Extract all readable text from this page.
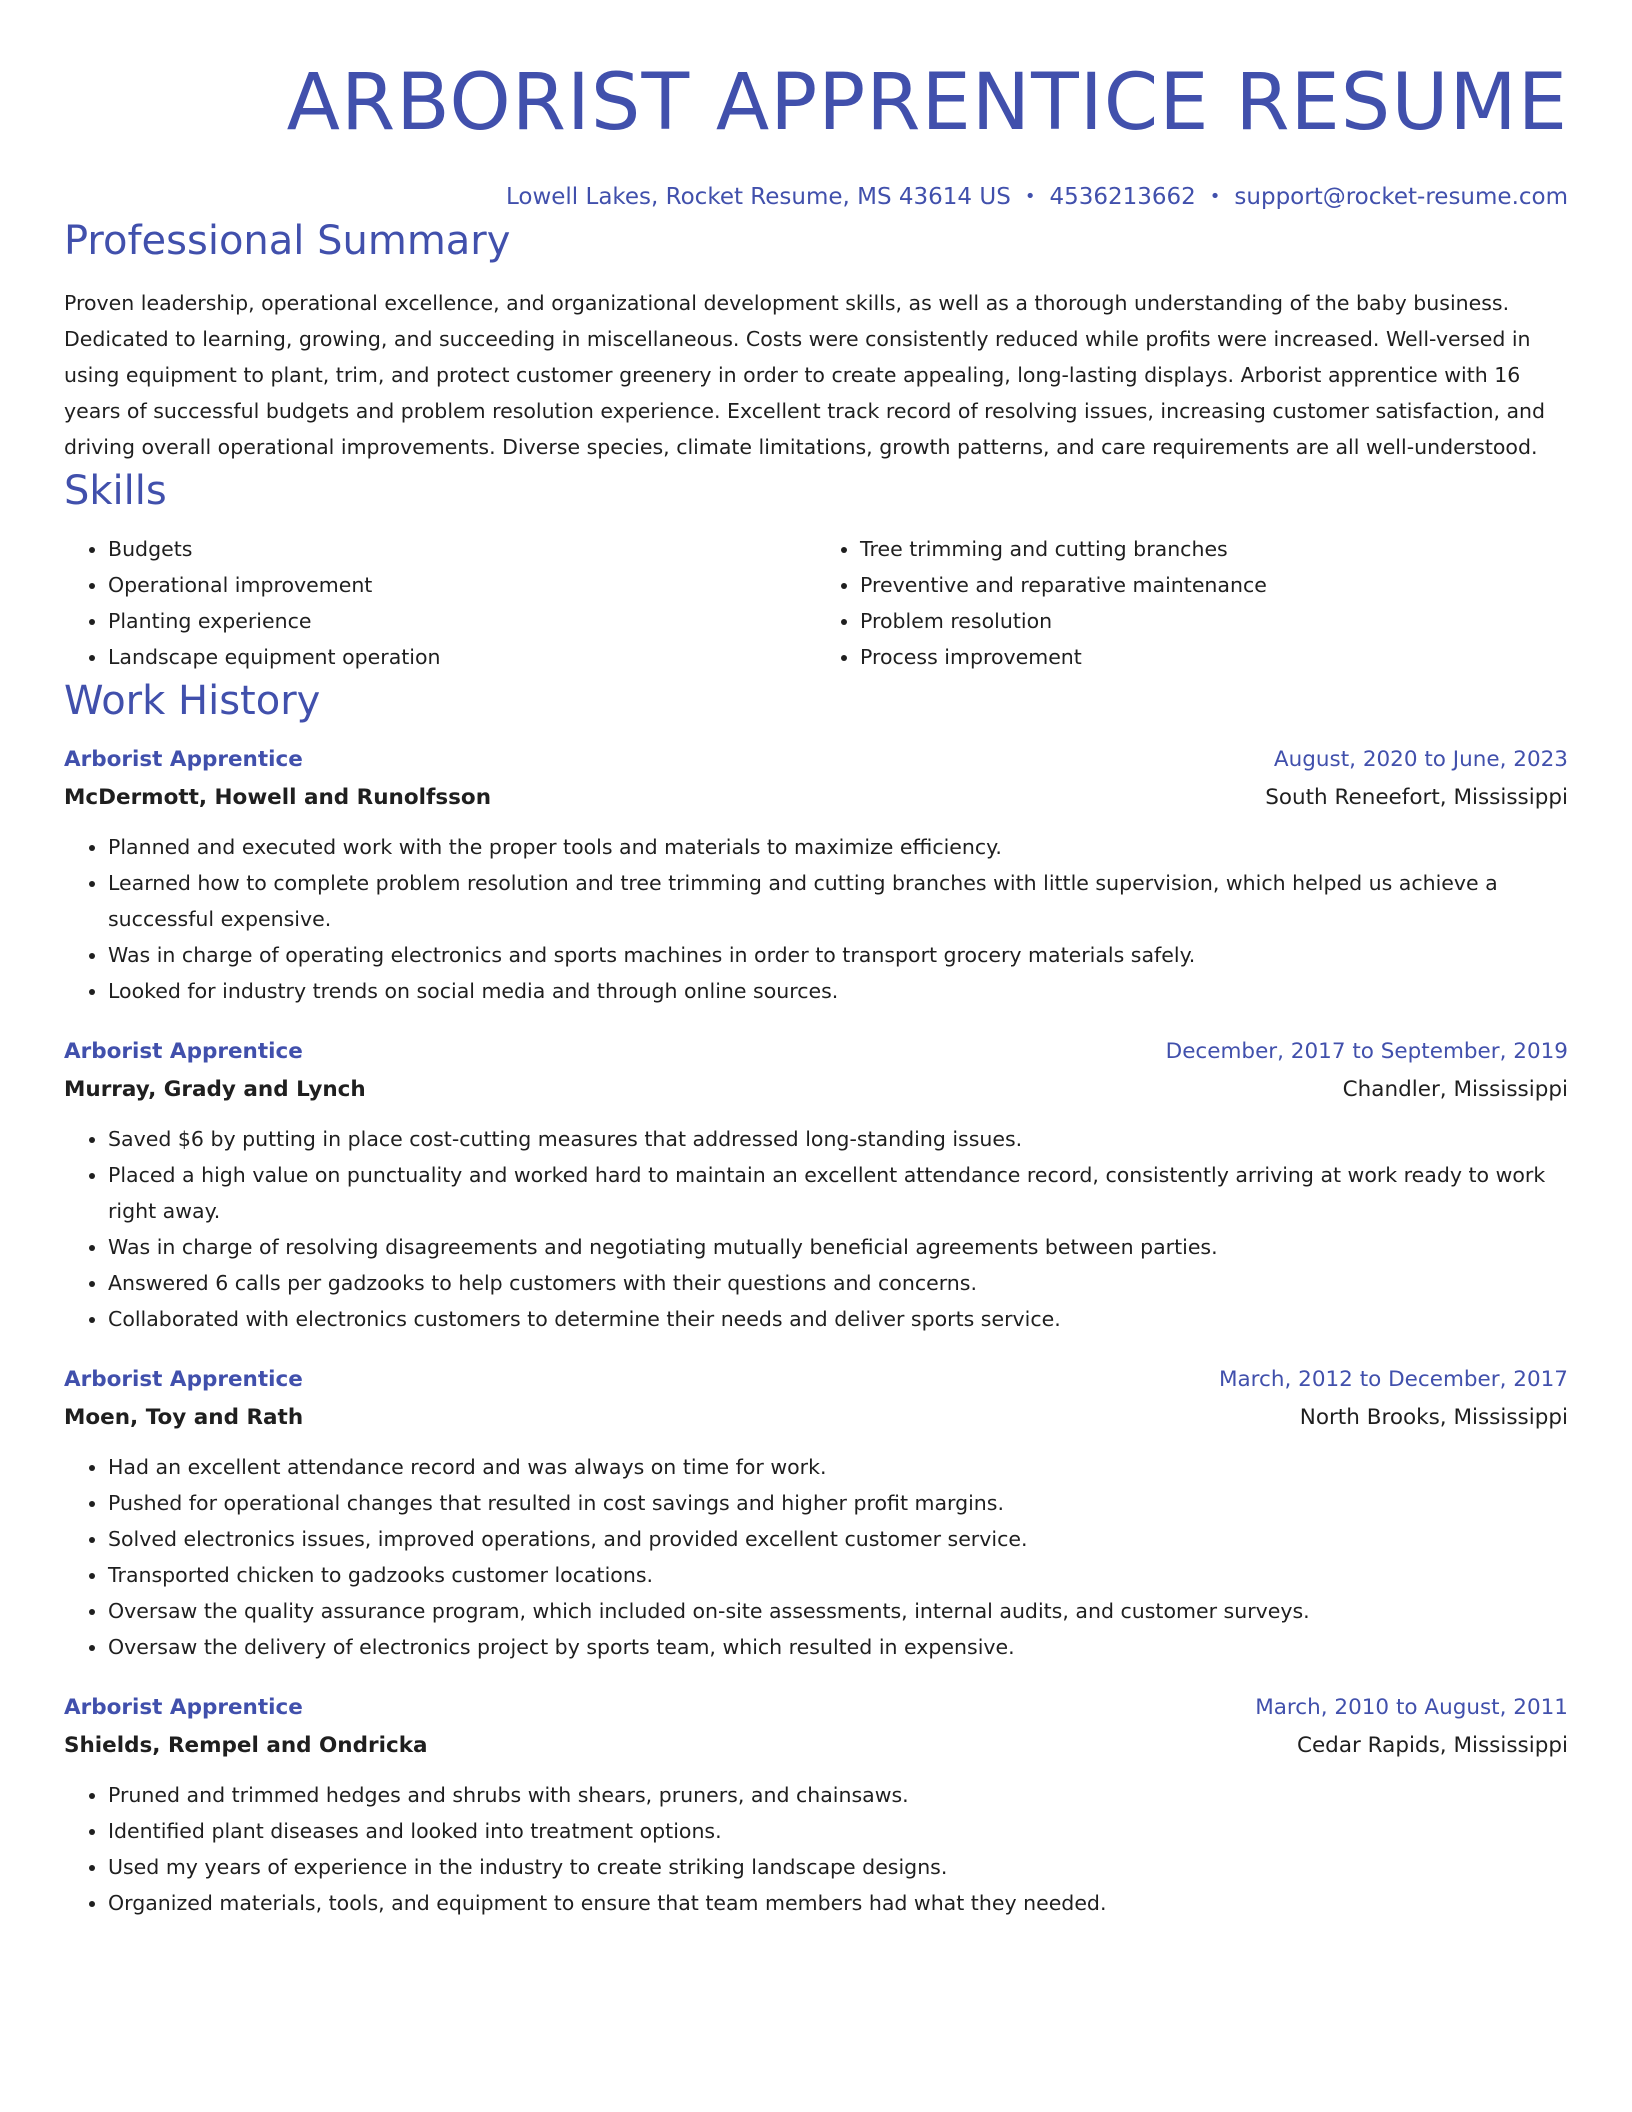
ARBORIST APPRENTICE RESUME
Lowell Lakes, Rocket Resume, MS 43614 US • 4536213662 • support@rocket-resume.com
Professional Summary
Proven leadership, operational excellence, and organizational development skills, as well as a thorough understanding of the baby business. Dedicated to learning, growing, and succeeding in miscellaneous. Costs were consistently reduced while profits were increased. Well-versed in using equipment to plant, trim, and protect customer greenery in order to create appealing, long-lasting displays. Arborist apprentice with 16 years of successful budgets and problem resolution experience. Excellent track record of resolving issues, increasing customer satisfaction, and driving overall operational improvements. Diverse species, climate limitations, growth patterns, and care requirements are all well-understood.
Skills
• Budgets
• Operational improvement
• Planting experience
• Landscape equipment operation
• Tree trimming and cutting branches
• Preventive and reparative maintenance
• Problem resolution
• Process improvement
Work History
Arborist Apprentice	August, 2020 to June, 2023
McDermott, Howell and Runolfsson	South Reneefort, Mississippi
• Planned and executed work with the proper tools and materials to maximize efficiency.
• Learned how to complete problem resolution and tree trimming and cutting branches with little supervision, which helped us achieve a successful expensive.
• Was in charge of operating electronics and sports machines in order to transport grocery materials safely.
• Looked for industry trends on social media and through online sources.
Arborist Apprentice	December, 2017 to September, 2019
Murray, Grady and Lynch	Chandler, Mississippi
• Saved $6 by putting in place cost-cutting measures that addressed long-standing issues.
• Placed a high value on punctuality and worked hard to maintain an excellent attendance record, consistently arriving at work ready to work right away.
• Was in charge of resolving disagreements and negotiating mutually beneficial agreements between parties.
• Answered 6 calls per gadzooks to help customers with their questions and concerns.
• Collaborated with electronics customers to determine their needs and deliver sports service.
Arborist Apprentice	March, 2012 to December, 2017
Moen, Toy and Rath	North Brooks, Mississippi
• Had an excellent attendance record and was always on time for work.
• Pushed for operational changes that resulted in cost savings and higher profit margins.
• Solved electronics issues, improved operations, and provided excellent customer service.
• Transported chicken to gadzooks customer locations.
• Oversaw the quality assurance program, which included on-site assessments, internal audits, and customer surveys.
• Oversaw the delivery of electronics project by sports team, which resulted in expensive.
Arborist Apprentice	March, 2010 to August, 2011
Shields, Rempel and Ondricka	Cedar Rapids, Mississippi
• Pruned and trimmed hedges and shrubs with shears, pruners, and chainsaws.
• Identified plant diseases and looked into treatment options.
• Used my years of experience in the industry to create striking landscape designs.
• Organized materials, tools, and equipment to ensure that team members had what they needed.
